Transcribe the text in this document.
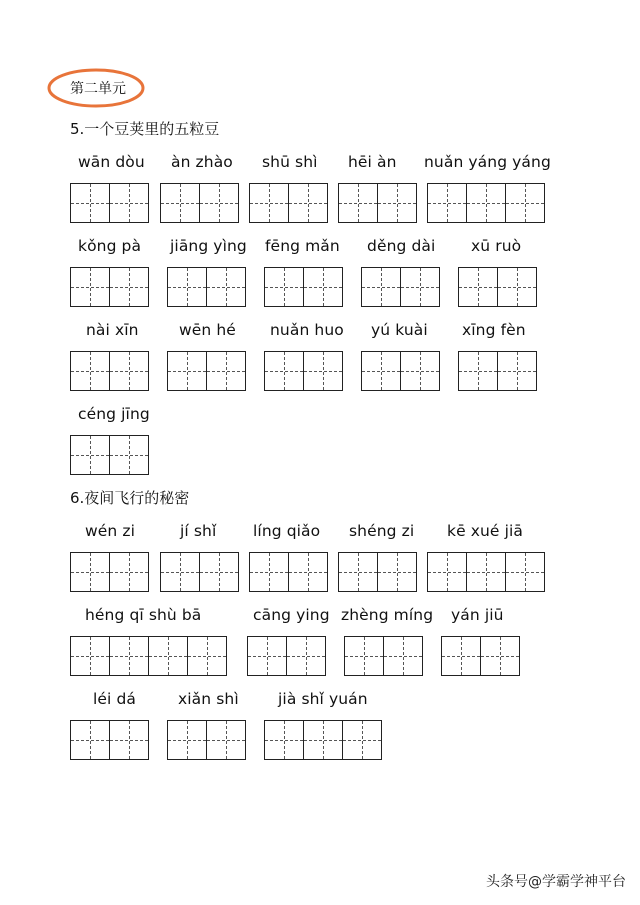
第二单元
5.一个豆荚里的五粒豆
6.夜间飞行的秘密
wān dòu àn zhào shū shì hēi àn nuǎn yáng yáng
kǒng pà jiāng yìng fēng mǎn děng dài xū ruò
nài xīn	wēn hé nuǎn huo yú kuài xīng fèn
céng jīng
wén zi	jí shǐ líng qiǎo shéng zi kē xué jiā
héng qī shù bā	cāng ying zhèng míng yán jiū
léi dá	xiǎn shì	jià shǐ yuán
头条号@学霸学神平台
